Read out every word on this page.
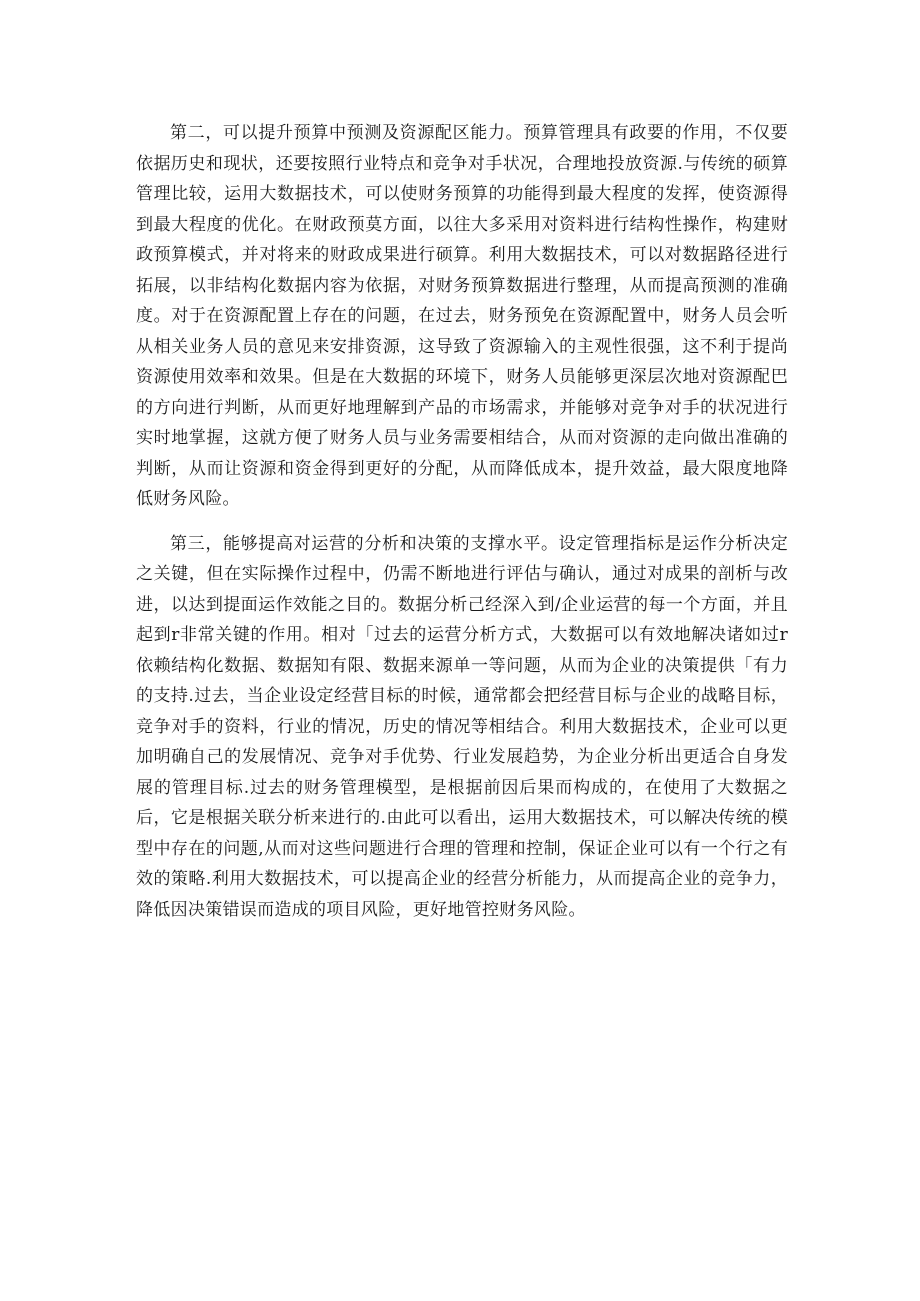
第二，可以提升预算中预测及资源配区能力。预算管理具有政要的作用，不仅要依据历史和现状，还要按照行业特点和竞争对手状况，合理地投放资源.与传统的硕算管理比较，运用大数据技术，可以使财务预算的功能得到最大程度的发挥，使资源得到最大程度的优化。在财政预莫方面，以往大多采用对资料进行结构性操作，构建财政预算模式，并对将来的财政成果进行硕算。利用大数据技术，可以对数据路径进行拓展，以非结构化数据内容为依据，对财务预算数据进行整理，从而提高预测的准确度。对于在资源配置上存在的问题，在过去，财务预免在资源配置中，财务人员会听从相关业务人员的意见来安排资源，这导致了资源输入的主观性很强，这不利于提尚资源使用效率和效果。但是在大数据的环境下，财务人员能够更深层次地对资源配巴的方向进行判断，从而更好地理解到产品的市场需求，并能够对竞争对手的状况进行实时地掌握，这就方便了财务人员与业务需要相结合，从而对资源的走向做出准确的判断，从而让资源和资金得到更好的分配，从而降低成本，提升效益，最大限度地降低财务风险。

第三，能够提高对运营的分析和决策的支撑水平。设定管理指标是运作分析决定之关键，但在实际操作过程中，仍需不断地进行评估与确认，通过对成果的剖析与改进，以达到提面运作效能之目的。数据分析己经深入到/企业运营的每一个方面，并且起到r非常关键的作用。相对「过去的运营分析方式，大数据可以有效地解决诸如过r依赖结构化数据、数据知有限、数据来源单一等问题，从而为企业的决策提供「有力的支持.过去，当企业设定经营目标的时候，通常都会把经营目标与企业的战略目标，竞争对手的资料，行业的情况，历史的情况等相结合。利用大数据技术，企业可以更加明确自己的发展情况、竞争对手优势、行业发展趋势，为企业分析出更适合自身发展的管理目标.过去的财务管理模型，是根据前因后果而构成的，在使用了大数据之后，它是根据关联分析来进行的.由此可以看出，运用大数据技术，可以解决传统的模型中存在的问题,从而对这些问题进行合理的管理和控制，保证企业可以有一个行之有效的策略.利用大数据技术，可以提高企业的经营分析能力，从而提高企业的竞争力，降低因决策错误而造成的项目风险，更好地管控财务风险。
